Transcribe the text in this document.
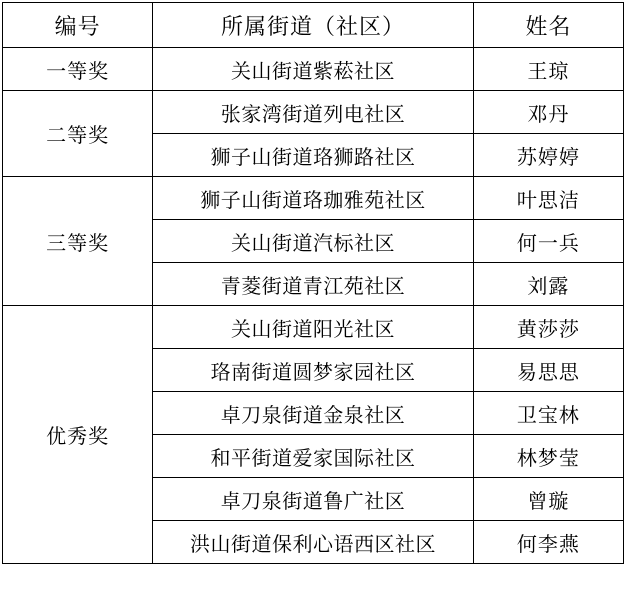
编号	所属街道（社区）	姓名
一等奖	关山街道紫菘社区	王琼
二等奖	张家湾街道列电社区	邓丹
	狮子山街道珞狮路社区	苏婷婷
三等奖	狮子山街道珞珈雅苑社区	叶思洁
	关山街道汽标社区	何一兵
	青菱街道青江苑社区	刘露
优秀奖	关山街道阳光社区	黄莎莎
	珞南街道圆梦家园社区	易思思
	卓刀泉街道金泉社区	卫宝林
	和平街道爱家国际社区	林梦莹
	卓刀泉街道鲁广社区	曾璇
	洪山街道保利心语西区社区	何李燕
